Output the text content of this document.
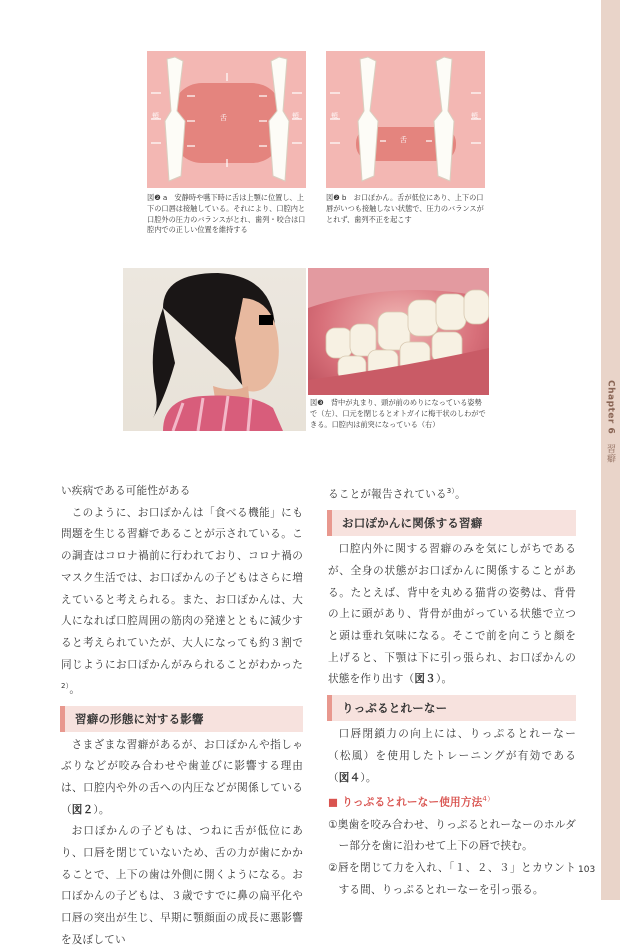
Chapter 6
習癖
頬	舌	頬
図❷ a　安静時や嚥下時に舌は上顎に位置し、上下の口唇は接触している。それにより、口腔内と口腔外の圧力のバランスがとれ、歯列・咬合は口腔内での正しい位置を維持する
頬
舌
頬
図❷ b　お口ぽかん。舌が低位にあり、上下の口唇がいつも接触しない状態で、圧力のバランスがとれず、歯列不正を起こす
図❸　背中が丸まり、頭が前のめりになっている姿勢で（左）、口元を閉じるとオトガイに梅干状のしわができる。口腔内は前突になっている（右）

い疾病である可能性がある

このように、お口ぽかんは「食べる機能」にも問題を生じる習癖であることが示されている。この調査はコロナ禍前に行われており、コロナ禍のマスク生活では、お口ぽかんの子どもはさらに増えていると考えられる。また、お口ぽかんは、大人になれば口腔周囲の筋肉の発達とともに減少すると考えられていたが、大人になっても約３割で同じようにお口ぽかんがみられることがわかった$^{2)}$。

習癖の形態に対する影響

さまざまな習癖があるが、お口ぽかんや指しゃぶりなどが咬み合わせや歯並びに影響する理由は、口腔内や外の舌への内圧などが関係している（図２）。

お口ぽかんの子どもは、つねに舌が低位にあり、口唇を閉じていないため、舌の力が歯にかかることで、上下の歯は外側に開くようになる。お口ぽかんの子どもは、３歳ですでに鼻の扁平化や口唇の突出が生じ、早期に顎顔面の成長に悪影響を及ぼしてい

ることが報告されている$^{3)}$。

お口ぽかんに関係する習癖

口腔内外に関する習癖のみを気にしがちであるが、全身の状態がお口ぽかんに関係することがある。たとえば、背中を丸める猫背の姿勢は、背骨の上に頭があり、背骨が曲がっている状態で立つと頭は垂れ気味になる。そこで前を向こうと顔を上げると、下顎は下に引っ張られ、お口ぽかんの状態を作り出す（図３）。

りっぷるとれーなー

口唇閉鎖力の向上には、りっぷるとれーなー（松風）を使用したトレーニングが有効である（図４）。

■ りっぷるとれーなー使用方法$^{4)}$

①奥歯を咬み合わせ、りっぷるとれーなーのホルダー部分を歯に沿わせて上下の唇で挟む。

②唇を閉じて力を入れ、「１、２、３」とカウントする間、りっぷるとれーなーを引っ張る。

103
